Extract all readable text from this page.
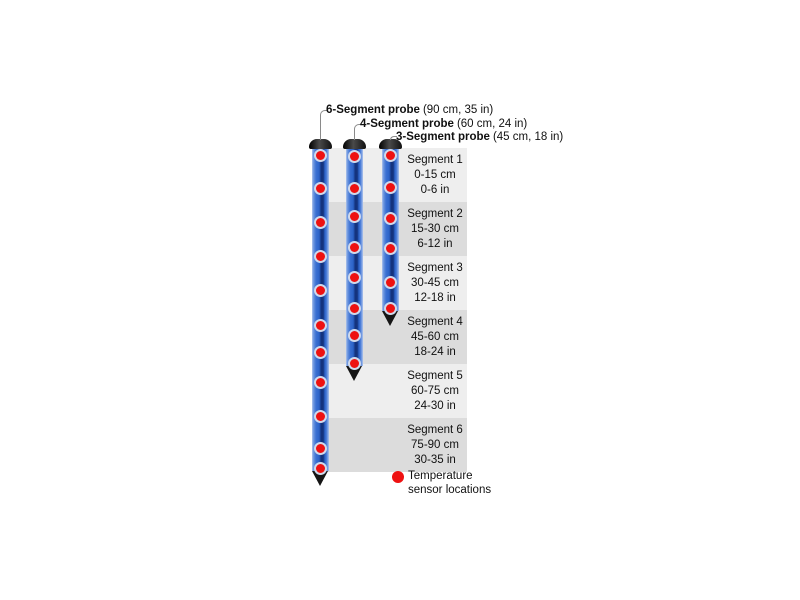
Segment 1
0-15 cm
0-6 in
Segment 2
15-30 cm
6-12 in
Segment 3
30-45 cm
12-18 in
Segment 4
45-60 cm
18-24 in
Segment 5
60-75 cm
24-30 in
Segment 6
75-90 cm
30-35 in
6-Segment probe (90 cm, 35 in)
4-Segment probe (60 cm, 24 in)
3-Segment probe (45 cm, 18 in)
Temperature
sensor locations
